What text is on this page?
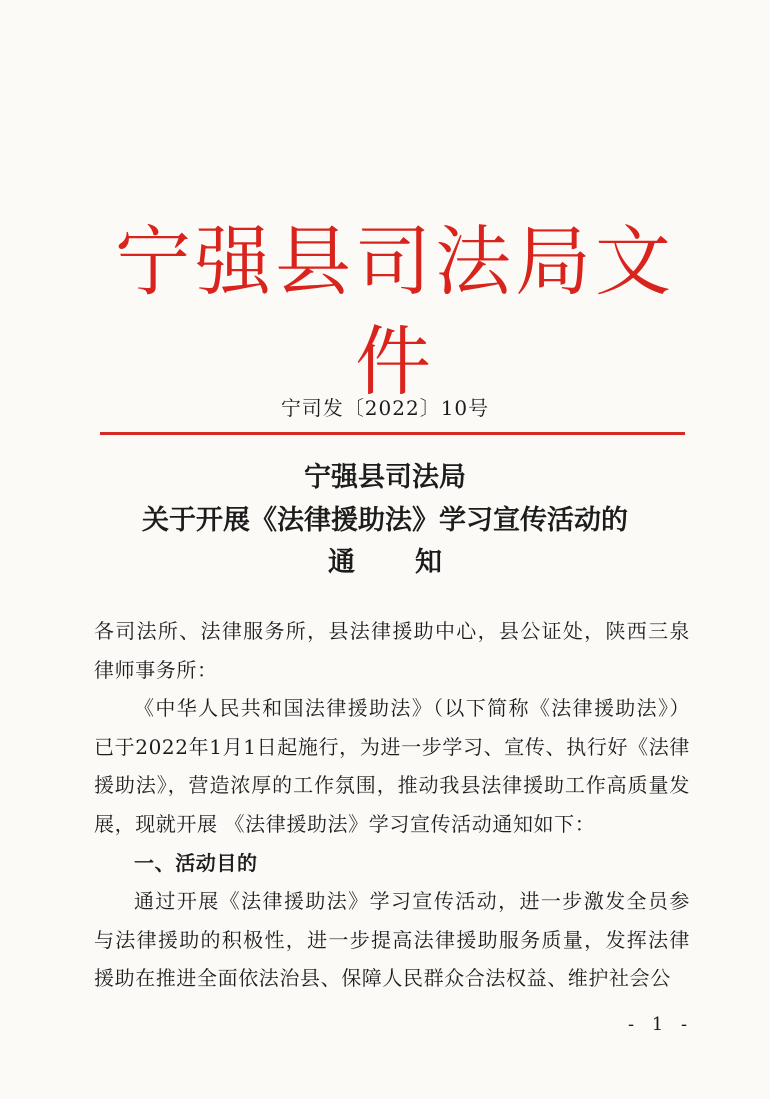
宁强县司法局文件
宁司发〔2022〕10号
宁强县司法局
关于开展《法律援助法》学习宣传活动的
通知

各司法所、法律服务所，县法律援助中心，县公证处，陕西三泉律师事务所：

《中华人民共和国法律援助法》（以下简称《法律援助法》）已于2022年1月1日起施行，为进一步学习、宣传、执行好《法律援助法》，营造浓厚的工作氛围，推动我县法律援助工作高质量发展，现就开展 《法律援助法》学习宣传活动通知如下：

一、活动目的

通过开展《法律援助法》学习宣传活动，进一步激发全员参与法律援助的积极性，进一步提高法律援助服务质量，发挥法律援助在推进全面依法治县、保障人民群众合法权益、维护社会公

- 1 -
